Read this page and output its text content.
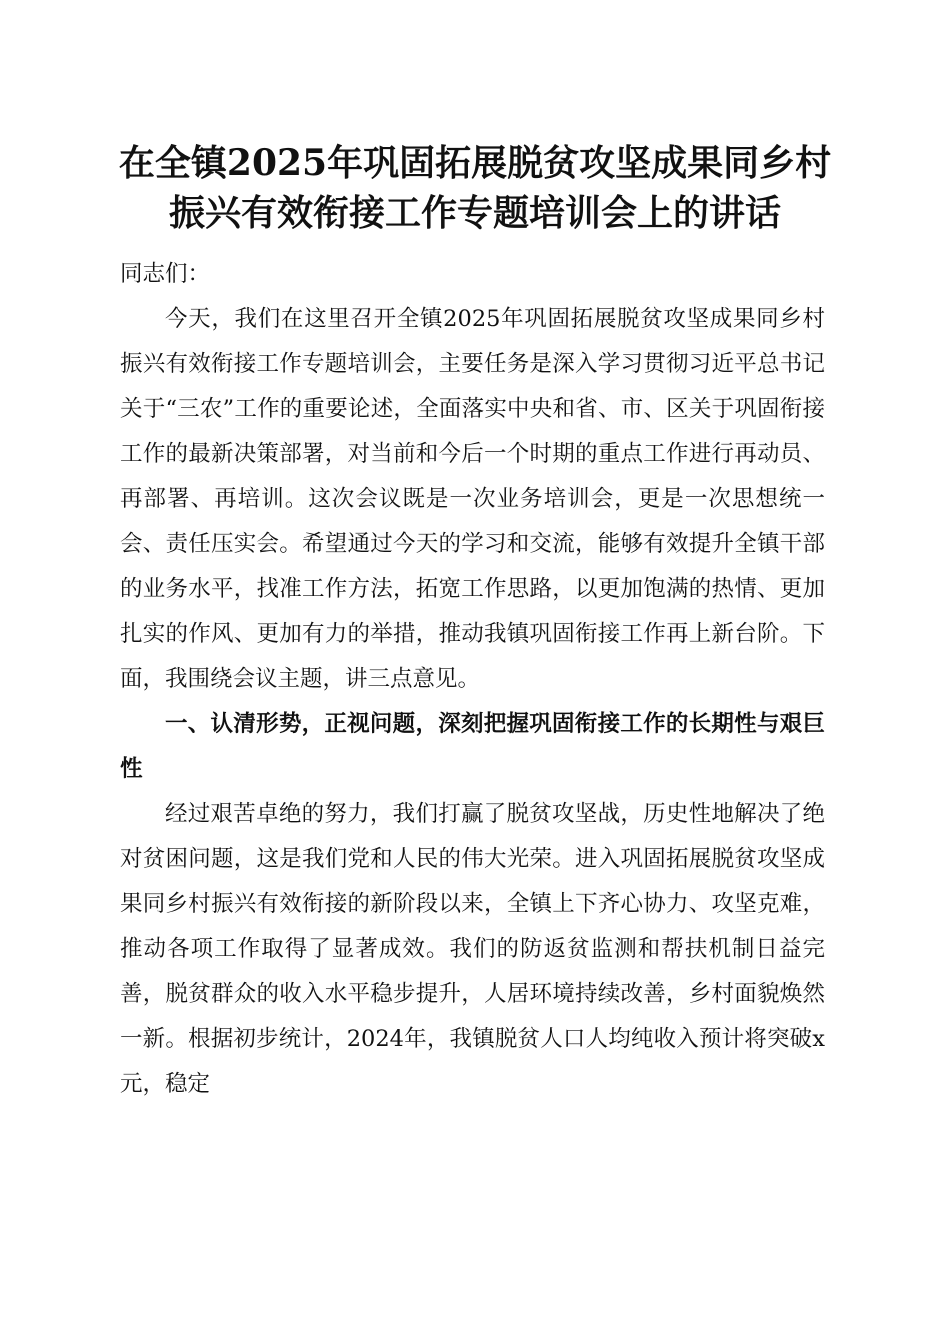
在全镇2025年巩固拓展脱贫攻坚成果同乡村
振兴有效衔接工作专题培训会上的讲话

同志们：

今天，我们在这里召开全镇2025年巩固拓展脱贫攻坚成果同乡村振兴有效衔接工作专题培训会，主要任务是深入学习贯彻习近平总书记关于“三农”工作的重要论述，全面落实中央和省、市、区关于巩固衔接工作的最新决策部署，对当前和今后一个时期的重点工作进行再动员、再部署、再培训。这次会议既是一次业务培训会，更是一次思想统一会、责任压实会。希望通过今天的学习和交流，能够有效提升全镇干部的业务水平，找准工作方法，拓宽工作思路，以更加饱满的热情、更加扎实的作风、更加有力的举措，推动我镇巩固衔接工作再上新台阶。下面，我围绕会议主题，讲三点意见。

一、认清形势，正视问题，深刻把握巩固衔接工作的长期性与艰巨性

经过艰苦卓绝的努力，我们打赢了脱贫攻坚战，历史性地解决了绝对贫困问题，这是我们党和人民的伟大光荣。进入巩固拓展脱贫攻坚成果同乡村振兴有效衔接的新阶段以来，全镇上下齐心协力、攻坚克难，推动各项工作取得了显著成效。我们的防返贫监测和帮扶机制日益完善，脱贫群众的收入水平稳步提升，人居环境持续改善，乡村面貌焕然一新。根据初步统计，2024年，我镇脱贫人口人均纯收入预计将突破x元，稳定
